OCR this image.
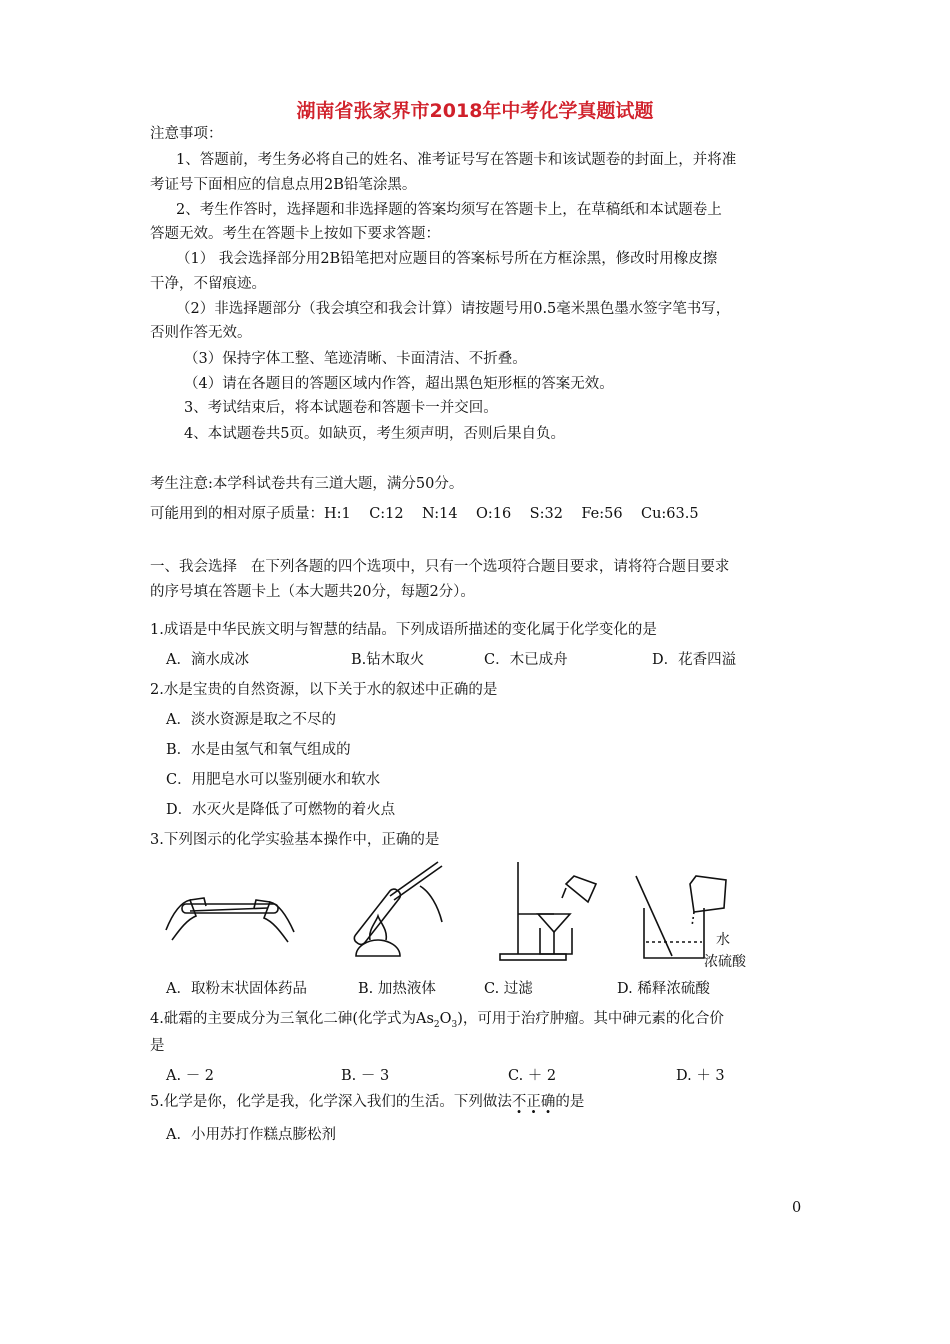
湖南省张家界市2018年中考化学真题试题
注意事项：
1、答题前，考生务必将自己的姓名、准考证号写在答题卡和该试题卷的封面上，并将准
考证号下面相应的信息点用2B铅笔涂黑。
2、考生作答时，选择题和非选择题的答案均须写在答题卡上，在草稿纸和本试题卷上
答题无效。考生在答题卡上按如下要求答题：
（1） 我会选择部分用2B铅笔把对应题目的答案标号所在方框涂黑，修改时用橡皮擦
干净，不留痕迹。
（2）非选择题部分（我会填空和我会计算）请按题号用0.5毫米黑色墨水签字笔书写，
否则作答无效。
（3）保持字体工整、笔迹清晰、卡面清洁、不折叠。
（4）请在各题目的答题区域内作答，超出黑色矩形框的答案无效。
3、考试结束后，将本试题卷和答题卡一并交回。
4、本试题卷共5页。如缺页，考生须声明，否则后果自负。
考生注意:本学科试卷共有三道大题，满分50分。
可能用到的相对原子质量：H:1    C:12    N:14    O:16    S:32    Fe:56    Cu:63.5
一、我会选择   在下列各题的四个选项中，只有一个选项符合题目要求，请将符合题目要求
的序号填在答题卡上（本大题共20分，每题2分）。
1.成语是中华民族文明与智慧的结晶。下列成语所描述的变化属于化学变化的是
A．滴水成冰	B.钻木取火	C．木已成舟	D．花香四溢
2.水是宝贵的自然资源，以下关于水的叙述中正确的是
A．淡水资源是取之不尽的
B．水是由氢气和氧气组成的
C．用肥皂水可以鉴别硬水和软水
D．水灭火是降低了可燃物的着火点
3.下列图示的化学实验基本操作中，正确的是
水
浓硫酸
A．取粉末状固体药品	B. 加热液体	C. 过滤	D. 稀释浓硫酸
4.砒霜的主要成分为三氧化二砷(化学式为$As_2O_3$)，可用于治疗肿瘤。其中砷元素的化合价
是
A. － 2	B. － 3	C. ＋ 2	D. ＋ 3
5.化学是你，化学是我，化学深入我们的生活。下列做法不正确的是
A．小用苏打作糕点膨松剂
0
